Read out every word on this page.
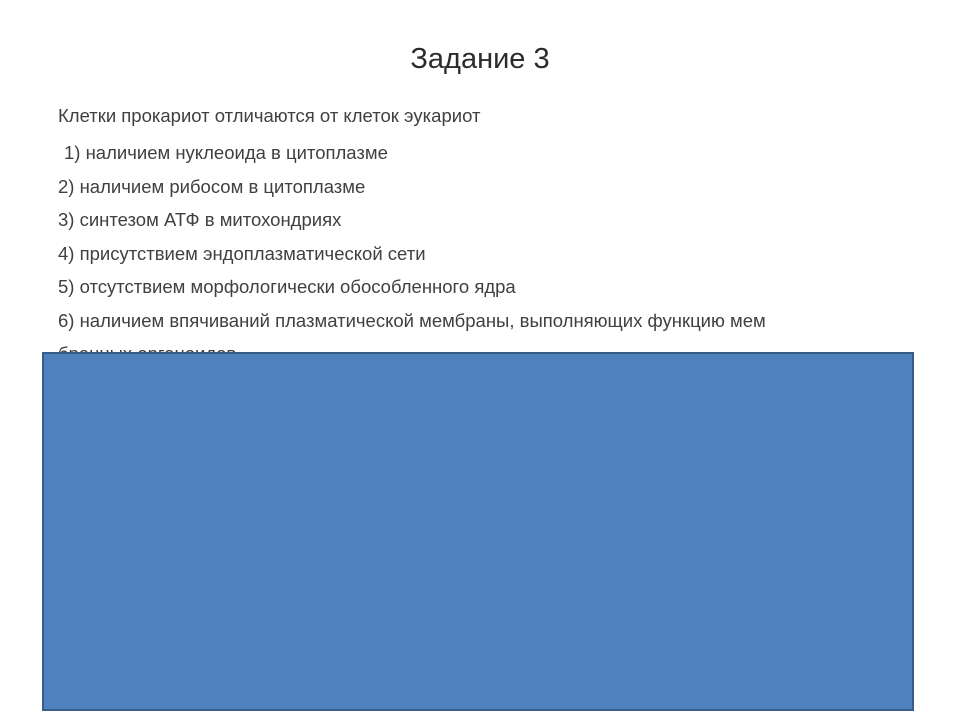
Задание 3

Клетки прокариот отличаются от клеток эукариот

1) наличием нуклеоида в цитоплазме

2) наличием рибосом в цитоплазме

3) синтезом АТФ в митохондриях

4) присутствием эндоплазматической сети

5) отсутствием морфологически обособленного ядра

6) наличием впячиваний плазматической мембраны, выполняющих функцию мем
